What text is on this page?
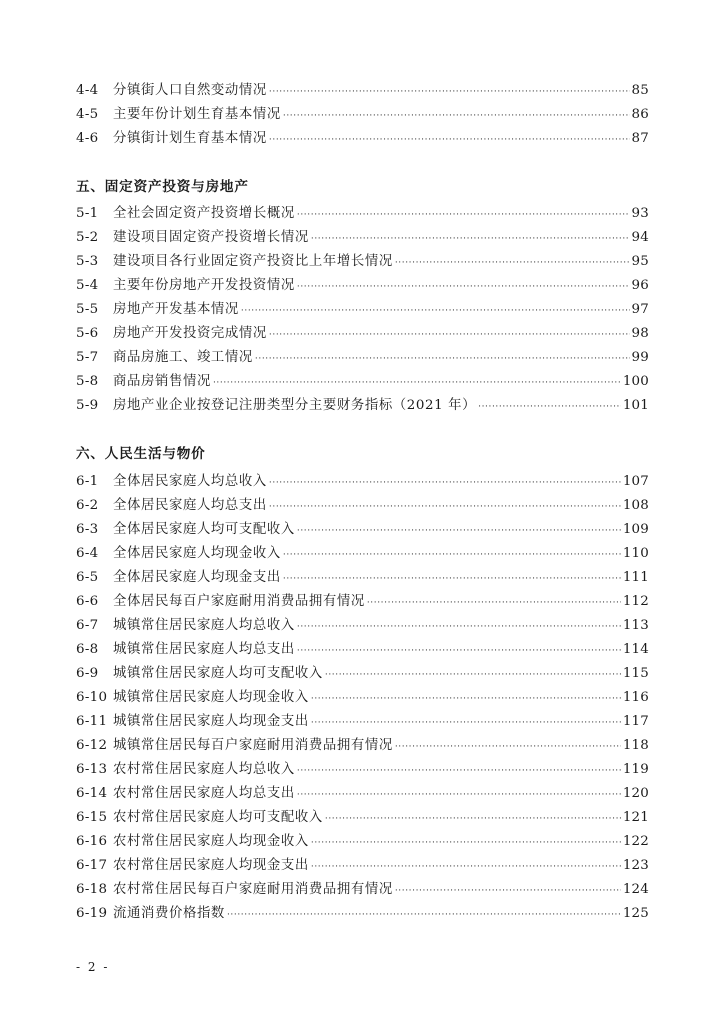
4-4	分镇街人口自然变动情况 ·····	85
4-5	主要年份计划生育基本情况 ·····	86
4-6	分镇街计划生育基本情况 ·····	87
五、固定资产投资与房地产
5-1	全社会固定资产投资增长概况 ·····	93
5-2	建设项目固定资产投资增长情况 ·····	94
5-3	建设项目各行业固定资产投资比上年增长情况 ·····	95
5-4	主要年份房地产开发投资情况 ·····	96
5-5	房地产开发基本情况 ·····	97
5-6	房地产开发投资完成情况 ·····	98
5-7	商品房施工、竣工情况 ·····	99
5-8	商品房销售情况 ·····	100
5-9	房地产业企业按登记注册类型分主要财务指标（2021 年） ·····	101
六、人民生活与物价
6-1	全体居民家庭人均总收入 ·····	107
6-2	全体居民家庭人均总支出 ·····	108
6-3	全体居民家庭人均可支配收入 ·····	109
6-4	全体居民家庭人均现金收入 ·····	110
6-5	全体居民家庭人均现金支出 ·····	111
6-6	全体居民每百户家庭耐用消费品拥有情况 ·····	112
6-7	城镇常住居民家庭人均总收入 ·····	113
6-8	城镇常住居民家庭人均总支出 ·····	114
6-9	城镇常住居民家庭人均可支配收入 ·····	115
6-10 城镇常住居民家庭人均现金收入 ·····	116
6-11 城镇常住居民家庭人均现金支出 ·····	117
6-12 城镇常住居民每百户家庭耐用消费品拥有情况 ·····	118
6-13 农村常住居民家庭人均总收入 ·····	119
6-14 农村常住居民家庭人均总支出 ·····	120
6-15 农村常住居民家庭人均可支配收入 ·····	121
6-16 农村常住居民家庭人均现金收入 ·····	122
6-17 农村常住居民家庭人均现金支出 ·····	123
6-18 农村常住居民每百户家庭耐用消费品拥有情况 ·····	124
6-19 流通消费价格指数 ·····	125
- 2 -
